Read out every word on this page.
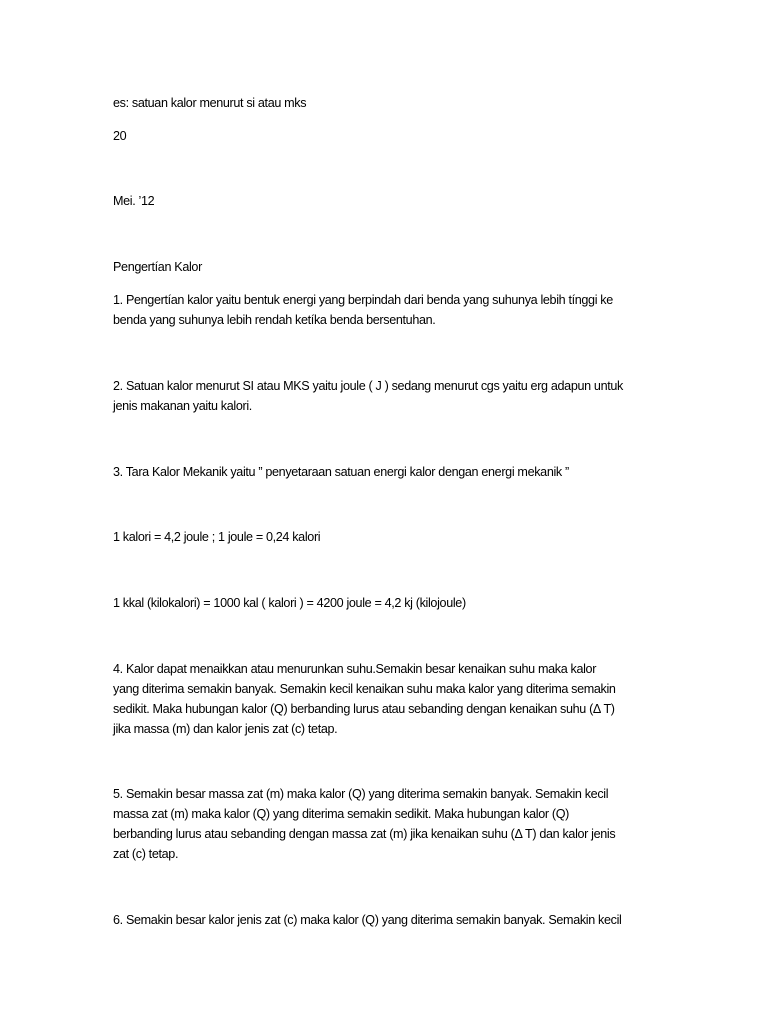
es: satuan kalor menurut si atau mks

20

Mei. ’12

Pengertían Kalor

1. Pengertían kalor yaitu bentuk energi yang berpindah dari benda yang suhunya lebih tínggi ke
benda yang suhunya lebih rendah ketíka benda bersentuhan.

2. Satuan kalor menurut SI atau MKS yaitu joule ( J ) sedang menurut cgs yaitu erg adapun untuk
jenis makanan yaitu kalori.

3. Tara Kalor Mekanik yaitu ” penyetaraan satuan energi kalor dengan energi mekanik ”

1 kalori = 4,2 joule ; 1 joule = 0,24 kalori

1 kkal (kilokalori) = 1000 kal ( kalori ) = 4200 joule = 4,2 kj (kilojoule)

4. Kalor dapat menaikkan atau menurunkan suhu.Semakin besar kenaikan suhu maka kalor
yang diterima semakin banyak. Semakin kecil kenaikan suhu maka kalor yang diterima semakin
sedikit. Maka hubungan kalor (Q) berbanding lurus atau sebanding dengan kenaikan suhu (Δ T)
jika massa (m) dan kalor jenis zat (c) tetap.

5. Semakin besar massa zat (m) maka kalor (Q) yang diterima semakin banyak. Semakin kecil
massa zat (m) maka kalor (Q) yang diterima semakin sedikit. Maka hubungan kalor (Q)
berbanding lurus atau sebanding dengan massa zat (m) jika kenaikan suhu (Δ T) dan kalor jenis
zat (c) tetap.

6. Semakin besar kalor jenis zat (c) maka kalor (Q) yang diterima semakin banyak. Semakin kecil
